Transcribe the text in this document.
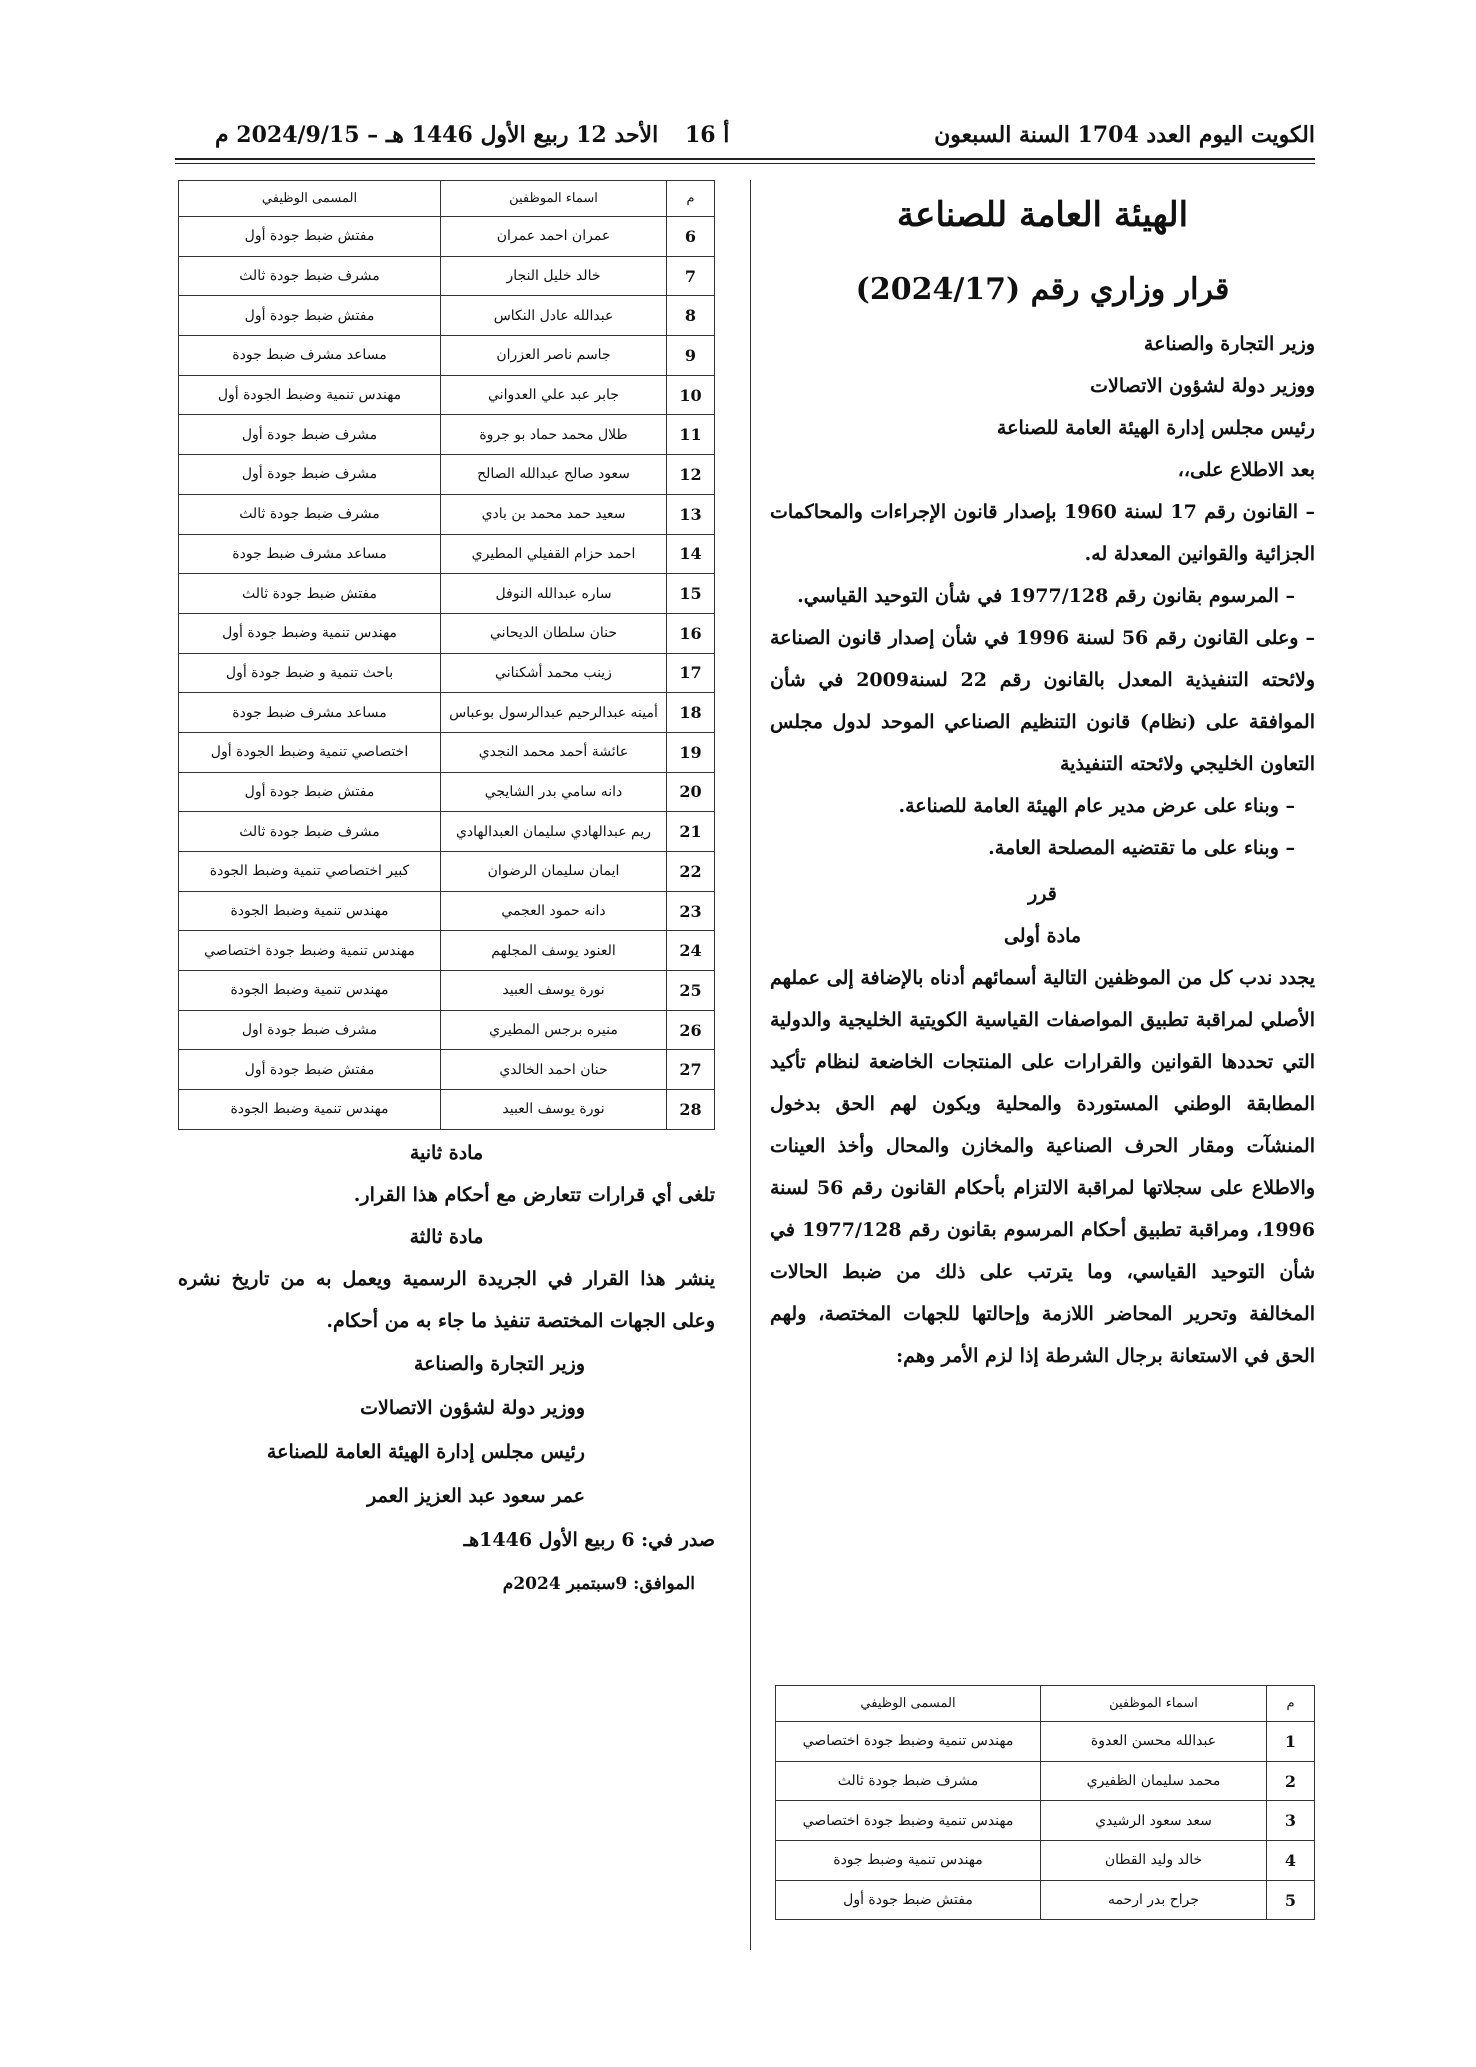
الكويت اليوم العدد 1704 السنة السبعون
أ 16
الأحد 12 ربيع الأول 1446 هـ – 2024/9/15 م
الهيئة العامة للصناعة
قرار وزاري رقم (2024/17)
وزير التجارة والصناعة
ووزير دولة لشؤون الاتصالات
رئيس مجلس إدارة الهيئة العامة للصناعة
بعد الاطلاع على،،
– القانون رقم 17 لسنة 1960 بإصدار قانون الإجراءات والمحاكمات الجزائية والقوانين المعدلة له.
– المرسوم بقانون رقم 1977/128 في شأن التوحيد القياسي.
– وعلى القانون رقم 56 لسنة 1996 في شأن إصدار قانون الصناعة ولائحته التنفيذية المعدل بالقانون رقم 22 لسنة2009 في شأن الموافقة على (نظام) قانون التنظيم الصناعي الموحد لدول مجلس التعاون الخليجي ولائحته التنفيذية
– وبناء على عرض مدير عام الهيئة العامة للصناعة.
– وبناء على ما تقتضيه المصلحة العامة.
قرر
مادة أولى
يجدد ندب كل من الموظفين التالية أسمائهم أدناه بالإضافة إلى عملهم الأصلي لمراقبة تطبيق المواصفات القياسية الكويتية الخليجية والدولية التي تحددها القوانين والقرارات على المنتجات الخاضعة لنظام تأكيد المطابقة الوطني المستوردة والمحلية ويكون لهم الحق بدخول المنشآت ومقار الحرف الصناعية والمخازن والمحال وأخذ العينات والاطلاع على سجلاتها لمراقبة الالتزام بأحكام القانون رقم 56 لسنة 1996، ومراقبة تطبيق أحكام المرسوم بقانون رقم 1977/128 في شأن التوحيد القياسي، وما يترتب على ذلك من ضبط الحالات المخالفة وتحرير المحاضر اللازمة وإحالتها للجهات المختصة، ولهم الحق في الاستعانة برجال الشرطة إذا لزم الأمر وهم:
م	اسماء الموظفين	المسمى الوظيفي
1	عبدالله محسن العدوة	مهندس تنمية وضبط جودة اختصاصي
2	محمد سليمان الظفيري	مشرف ضبط جودة ثالث
3	سعد سعود الرشيدي	مهندس تنمية وضبط جودة اختصاصي
4	خالد وليد القطان	مهندس تنمية وضبط جودة
5	جراح بدر ارحمه	مفتش ضبط جودة أول
م	اسماء الموظفين	المسمى الوظيفي
6	عمران احمد عمران	مفتش ضبط جودة أول
7	خالد خليل النجار	مشرف ضبط جودة ثالث
8	عبدالله عادل النكاس	مفتش ضبط جودة أول
9	جاسم ناصر العزران	مساعد مشرف ضبط جودة
10	جابر عبد علي العدواني	مهندس تنمية وضبط الجودة أول
11	طلال محمد حماد بو جروة	مشرف ضبط جودة أول
12	سعود صالح عبدالله الصالح	مشرف ضبط جودة أول
13	سعيد حمد محمد بن بادي	مشرف ضبط جودة ثالث
14	احمد حزام القفيلي المطيري	مساعد مشرف ضبط جودة
15	ساره عبدالله النوفل	مفتش ضبط جودة ثالث
16	حنان سلطان الديحاني	مهندس تنمية وضبط جودة أول
17	زينب محمد أشكناني	باحث تنمية و ضبط جودة أول
18	أمينه عبدالرحيم عبدالرسول بوعباس	مساعد مشرف ضبط جودة
19	عائشة أحمد محمد النجدي	اختصاصي تنمية وضبط الجودة أول
20	دانه سامي بدر الشايجي	مفتش ضبط جودة أول
21	ريم عبدالهادي سليمان العبدالهادي	مشرف ضبط جودة ثالث
22	ايمان سليمان الرضوان	كبير اختصاصي تنمية وضبط الجودة
23	دانه حمود العجمي	مهندس تنمية وضبط الجودة
24	العنود يوسف المجلهم	مهندس تنمية وضبط جودة اختصاصي
25	نورة يوسف العبيد	مهندس تنمية وضبط الجودة
26	منيره برجس المطيري	مشرف ضبط جودة اول
27	حنان احمد الخالدي	مفتش ضبط جودة أول
28	نورة يوسف العبيد	مهندس تنمية وضبط الجودة
مادة ثانية
تلغى أي قرارات تتعارض مع أحكام هذا القرار.
مادة ثالثة
ينشر هذا القرار في الجريدة الرسمية ويعمل به من تاريخ نشره وعلى الجهات المختصة تنفيذ ما جاء به من أحكام.
وزير التجارة والصناعة
ووزير دولة لشؤون الاتصالات
رئيس مجلس إدارة الهيئة العامة للصناعة
عمر سعود عبد العزيز العمر
صدر في: 6 ربيع الأول 1446هـ
الموافق: 9سبتمبر 2024م
